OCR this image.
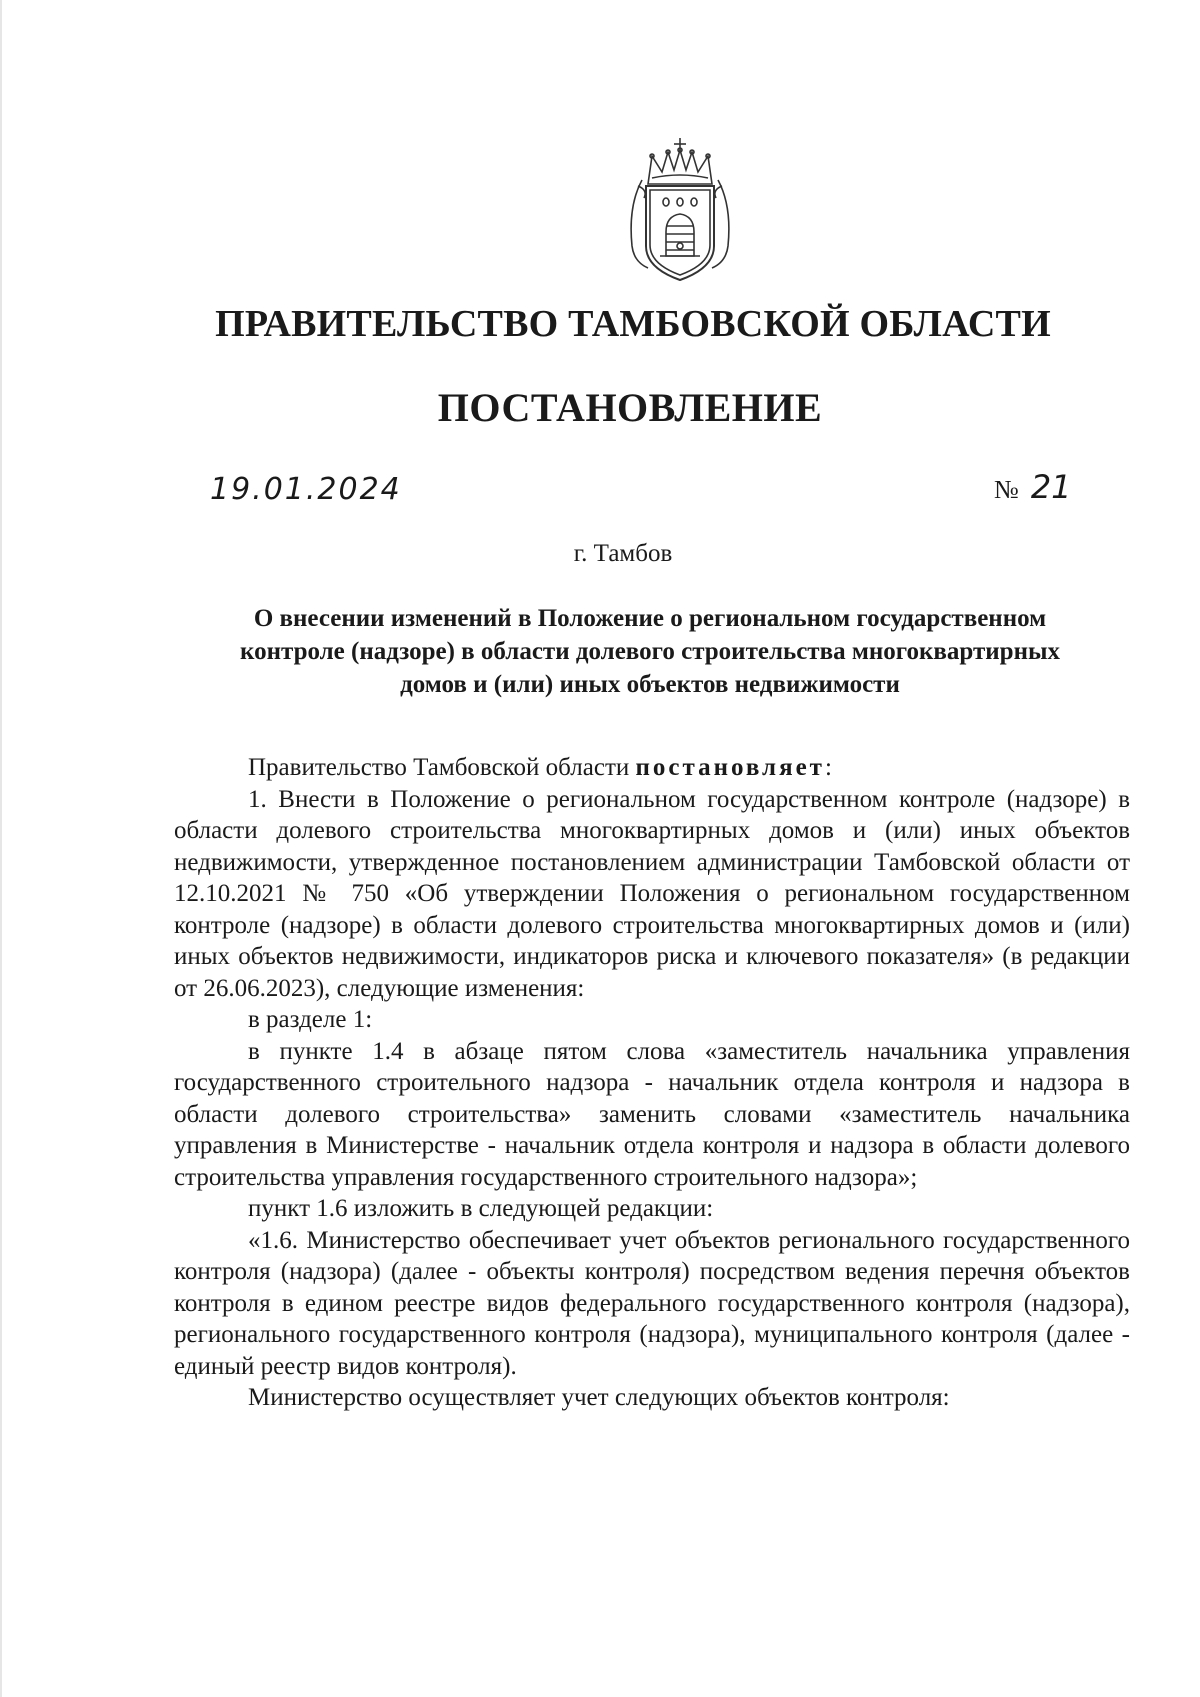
ПРАВИТЕЛЬСТВО ТАМБОВСКОЙ ОБЛАСТИ
ПОСТАНОВЛЕНИЕ
19.01.2024	№ 21
г. Тамбов
О внесении изменений в Положение о региональном государственном
контроле (надзоре) в области долевого строительства многоквартирных
домов и (или) иных объектов недвижимости

Правительство Тамбовской области постановляет:

1. Внести в Положение о региональном государственном контроле (надзоре) в области долевого строительства многоквартирных домов и (или) иных объектов недвижимости, утвержденное постановлением администрации Тамбовской области от 12.10.2021 № 750 «Об утверждении Положения о региональном государственном контроле (надзоре) в области долевого строительства многоквартирных домов и (или) иных объектов недвижимости, индикаторов риска и ключевого показателя» (в редакции от 26.06.2023), следующие изменения:

в разделе 1:

в пункте 1.4 в абзаце пятом слова «заместитель начальника управления государственного строительного надзора - начальник отдела контроля и надзора в области долевого строительства» заменить словами «заместитель начальника управления в Министерстве - начальник отдела контроля и надзора в области долевого строительства управления государственного строительного надзора»;

пункт 1.6 изложить в следующей редакции:

«1.6. Министерство обеспечивает учет объектов регионального государственного контроля (надзора) (далее - объекты контроля) посредством ведения перечня объектов контроля в едином реестре видов федерального государственного контроля (надзора), регионального государственного контроля (надзора), муниципального контроля (далее - единый реестр видов контроля).

Министерство осуществляет учет следующих объектов контроля:
